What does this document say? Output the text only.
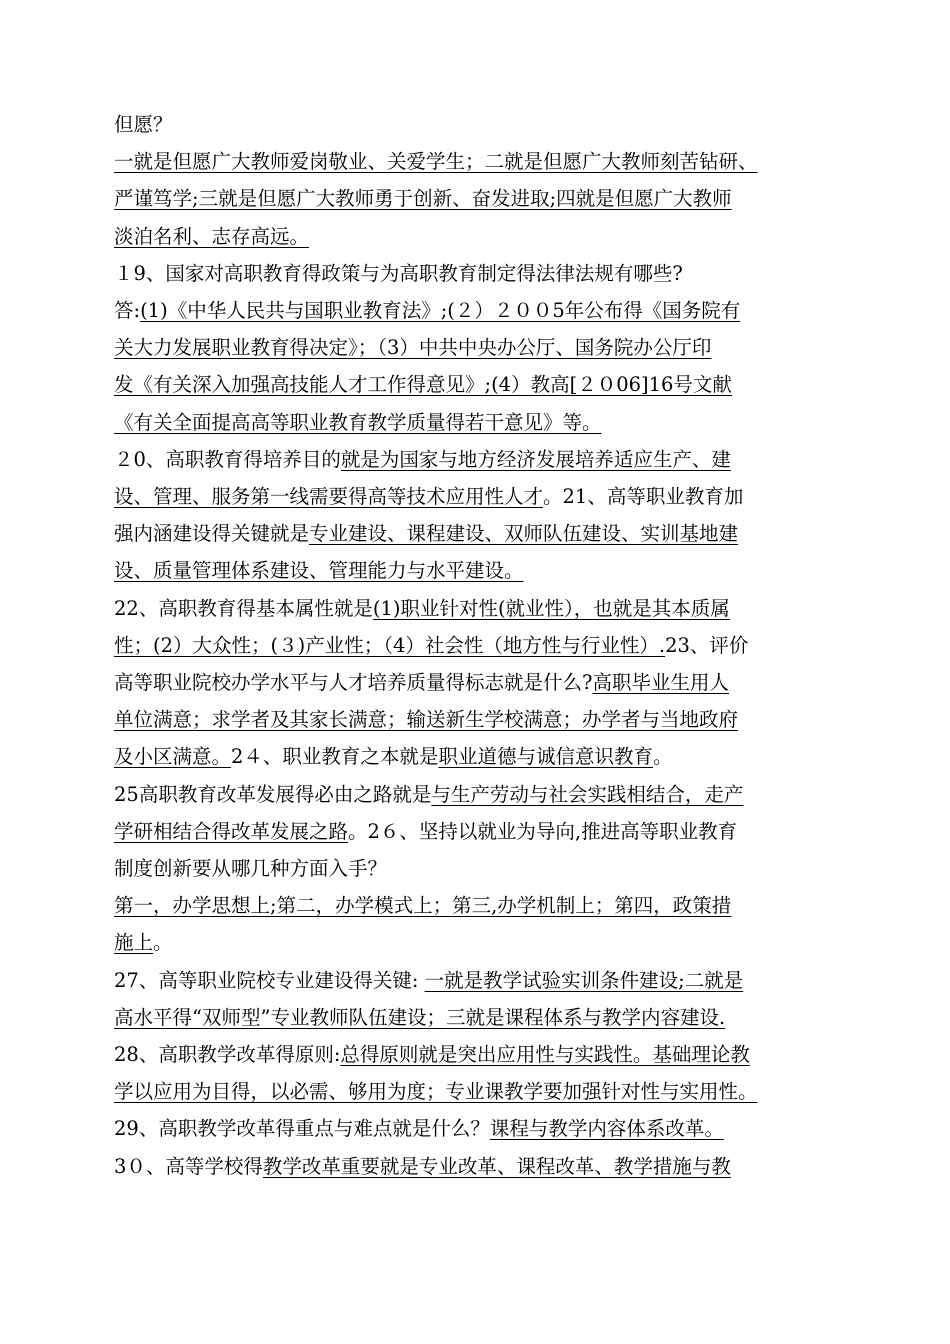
但愿？
一就是但愿广大教师爱岗敬业、关爱学生；二就是但愿广大教师刻苦钻研、
严谨笃学;三就是但愿广大教师勇于创新、奋发进取;四就是但愿广大教师
淡泊名利、志存高远。
１9、国家对高职教育得政策与为高职教育制定得法律法规有哪些?
答:(1)《中华人民共与国职业教育法》;(２）２００5年公布得《国务院有
关大力发展职业教育得决定》；（3）中共中央办公厅、国务院办公厅印
发《有关深入加强高技能人才工作得意见》;(4）教高[２０06]16号文献
《有关全面提高高等职业教育教学质量得若干意见》等。
２0、高职教育得培养目的就是为国家与地方经济发展培养适应生产、建
设、管理、服务第一线需要得高等技术应用性人才。21、高等职业教育加
强内涵建设得关键就是专业建设、课程建设、双师队伍建设、实训基地建
设、质量管理体系建设、管理能力与水平建设。
22、高职教育得基本属性就是(1)职业针对性(就业性），也就是其本质属
性；(2）大众性；(３)产业性；（4）社会性（地方性与行业性）.23、评价
高等职业院校办学水平与人才培养质量得标志就是什么?高职毕业生用人
单位满意；求学者及其家长满意；输送新生学校满意；办学者与当地政府
及小区满意。2４、职业教育之本就是职业道德与诚信意识教育。
25高职教育改革发展得必由之路就是与生产劳动与社会实践相结合，走产
学研相结合得改革发展之路。2６、坚持以就业为导向,推进高等职业教育
制度创新要从哪几种方面入手？
第一，办学思想上;第二，办学模式上；第三,办学机制上；第四，政策措
施上。
27、高等职业院校专业建设得关键: 一就是教学试验实训条件建设;二就是
高水平得“双师型”专业教师队伍建设；三就是课程体系与教学内容建设.
28、高职教学改革得原则:总得原则就是突出应用性与实践性。基础理论教
学以应用为目得，以必需、够用为度；专业课教学要加强针对性与实用性。
29、高职教学改革得重点与难点就是什么？课程与教学内容体系改革。
3０、高等学校得教学改革重要就是专业改革、课程改革、教学措施与教
